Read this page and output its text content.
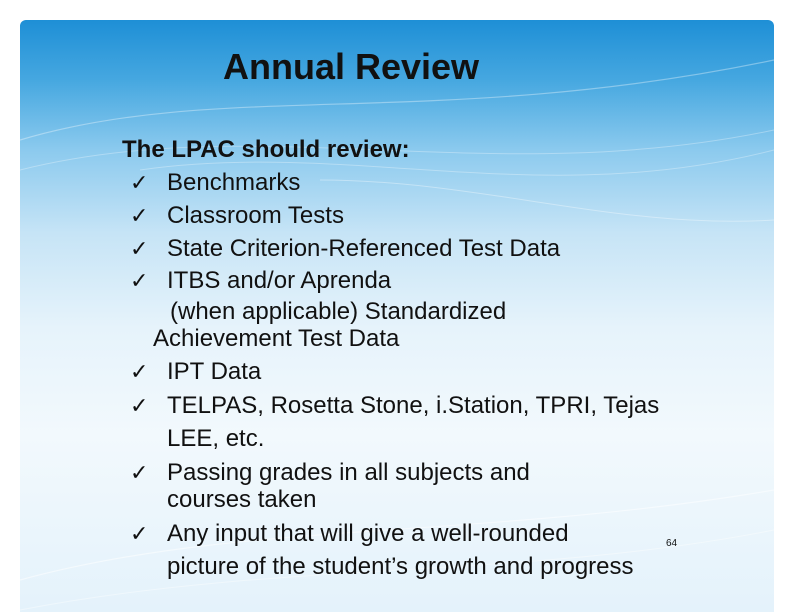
Annual Review
The LPAC should review:
✓ Benchmarks
✓ Classroom Tests
✓ State Criterion-Referenced Test Data
✓ ITBS and/or Aprenda
(when applicable) Standardized
Achievement Test Data
✓ IPT Data
✓ TELPAS, Rosetta Stone, i.Station, TPRI, Tejas
LEE, etc.
✓ Passing grades in all subjects and
courses taken
✓ Any input that will give a well-rounded
picture of the student’s growth and progress
64
